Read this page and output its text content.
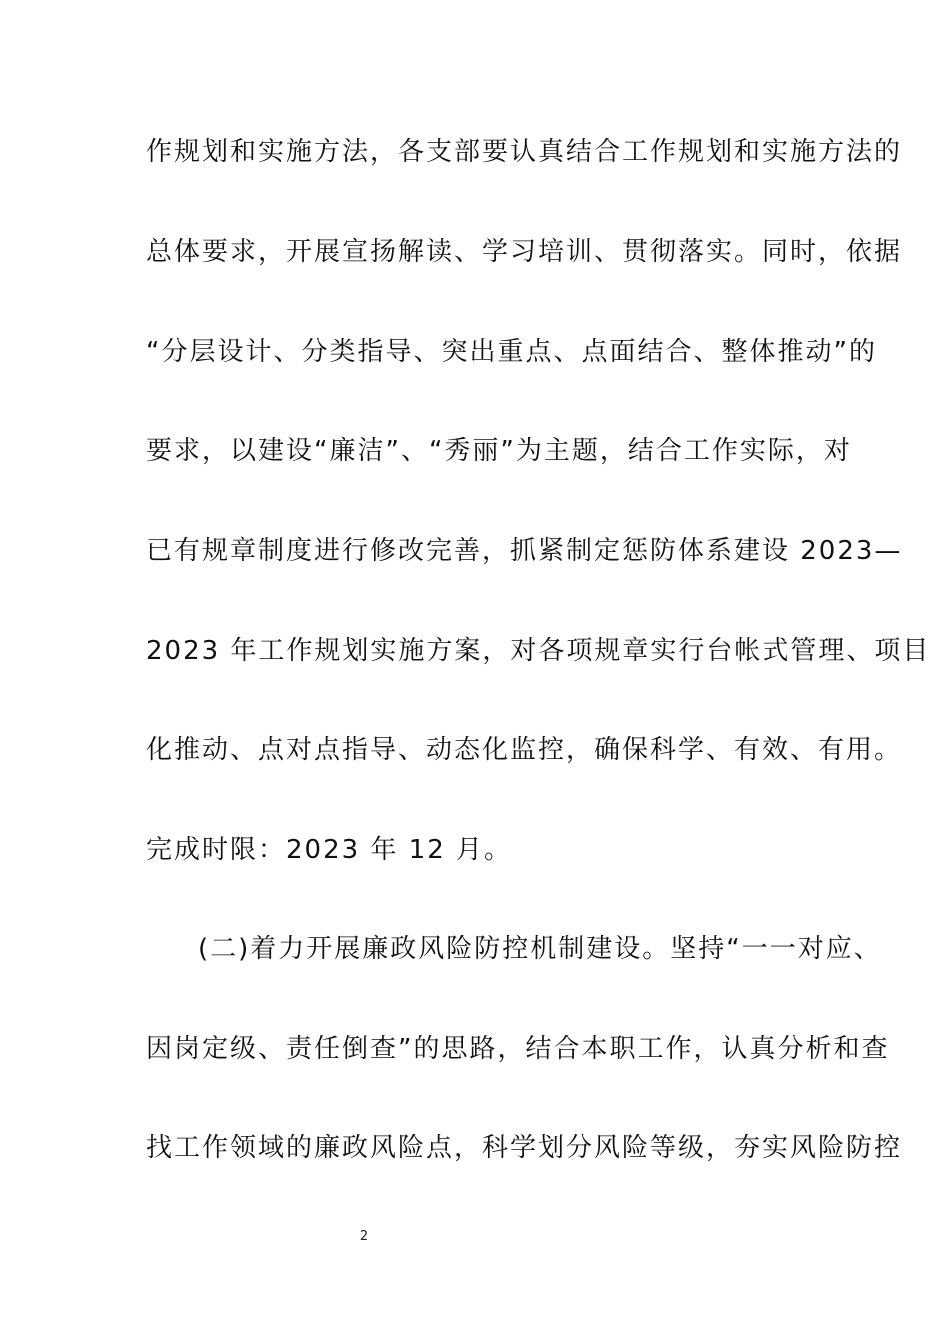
作规划和实施方法，各支部要认真结合工作规划和实施方法的
总体要求，开展宣扬解读、学习培训、贯彻落实。同时，依据
“分层设计、分类指导、突出重点、点面结合、整体推动”的
要求，以建设“廉洁”、“秀丽”为主题，结合工作实际，对
已有规章制度进行修改完善，抓紧制定惩防体系建设 2023—
2023 年工作规划实施方案，对各项规章实行台帐式管理、项目
化推动、点对点指导、动态化监控，确保科学、有效、有用。
完成时限：2023 年 12 月。
(二)着力开展廉政风险防控机制建设。坚持“一一对应、
因岗定级、责任倒查”的思路，结合本职工作，认真分析和查
找工作领域的廉政风险点，科学划分风险等级，夯实风险防控
2
